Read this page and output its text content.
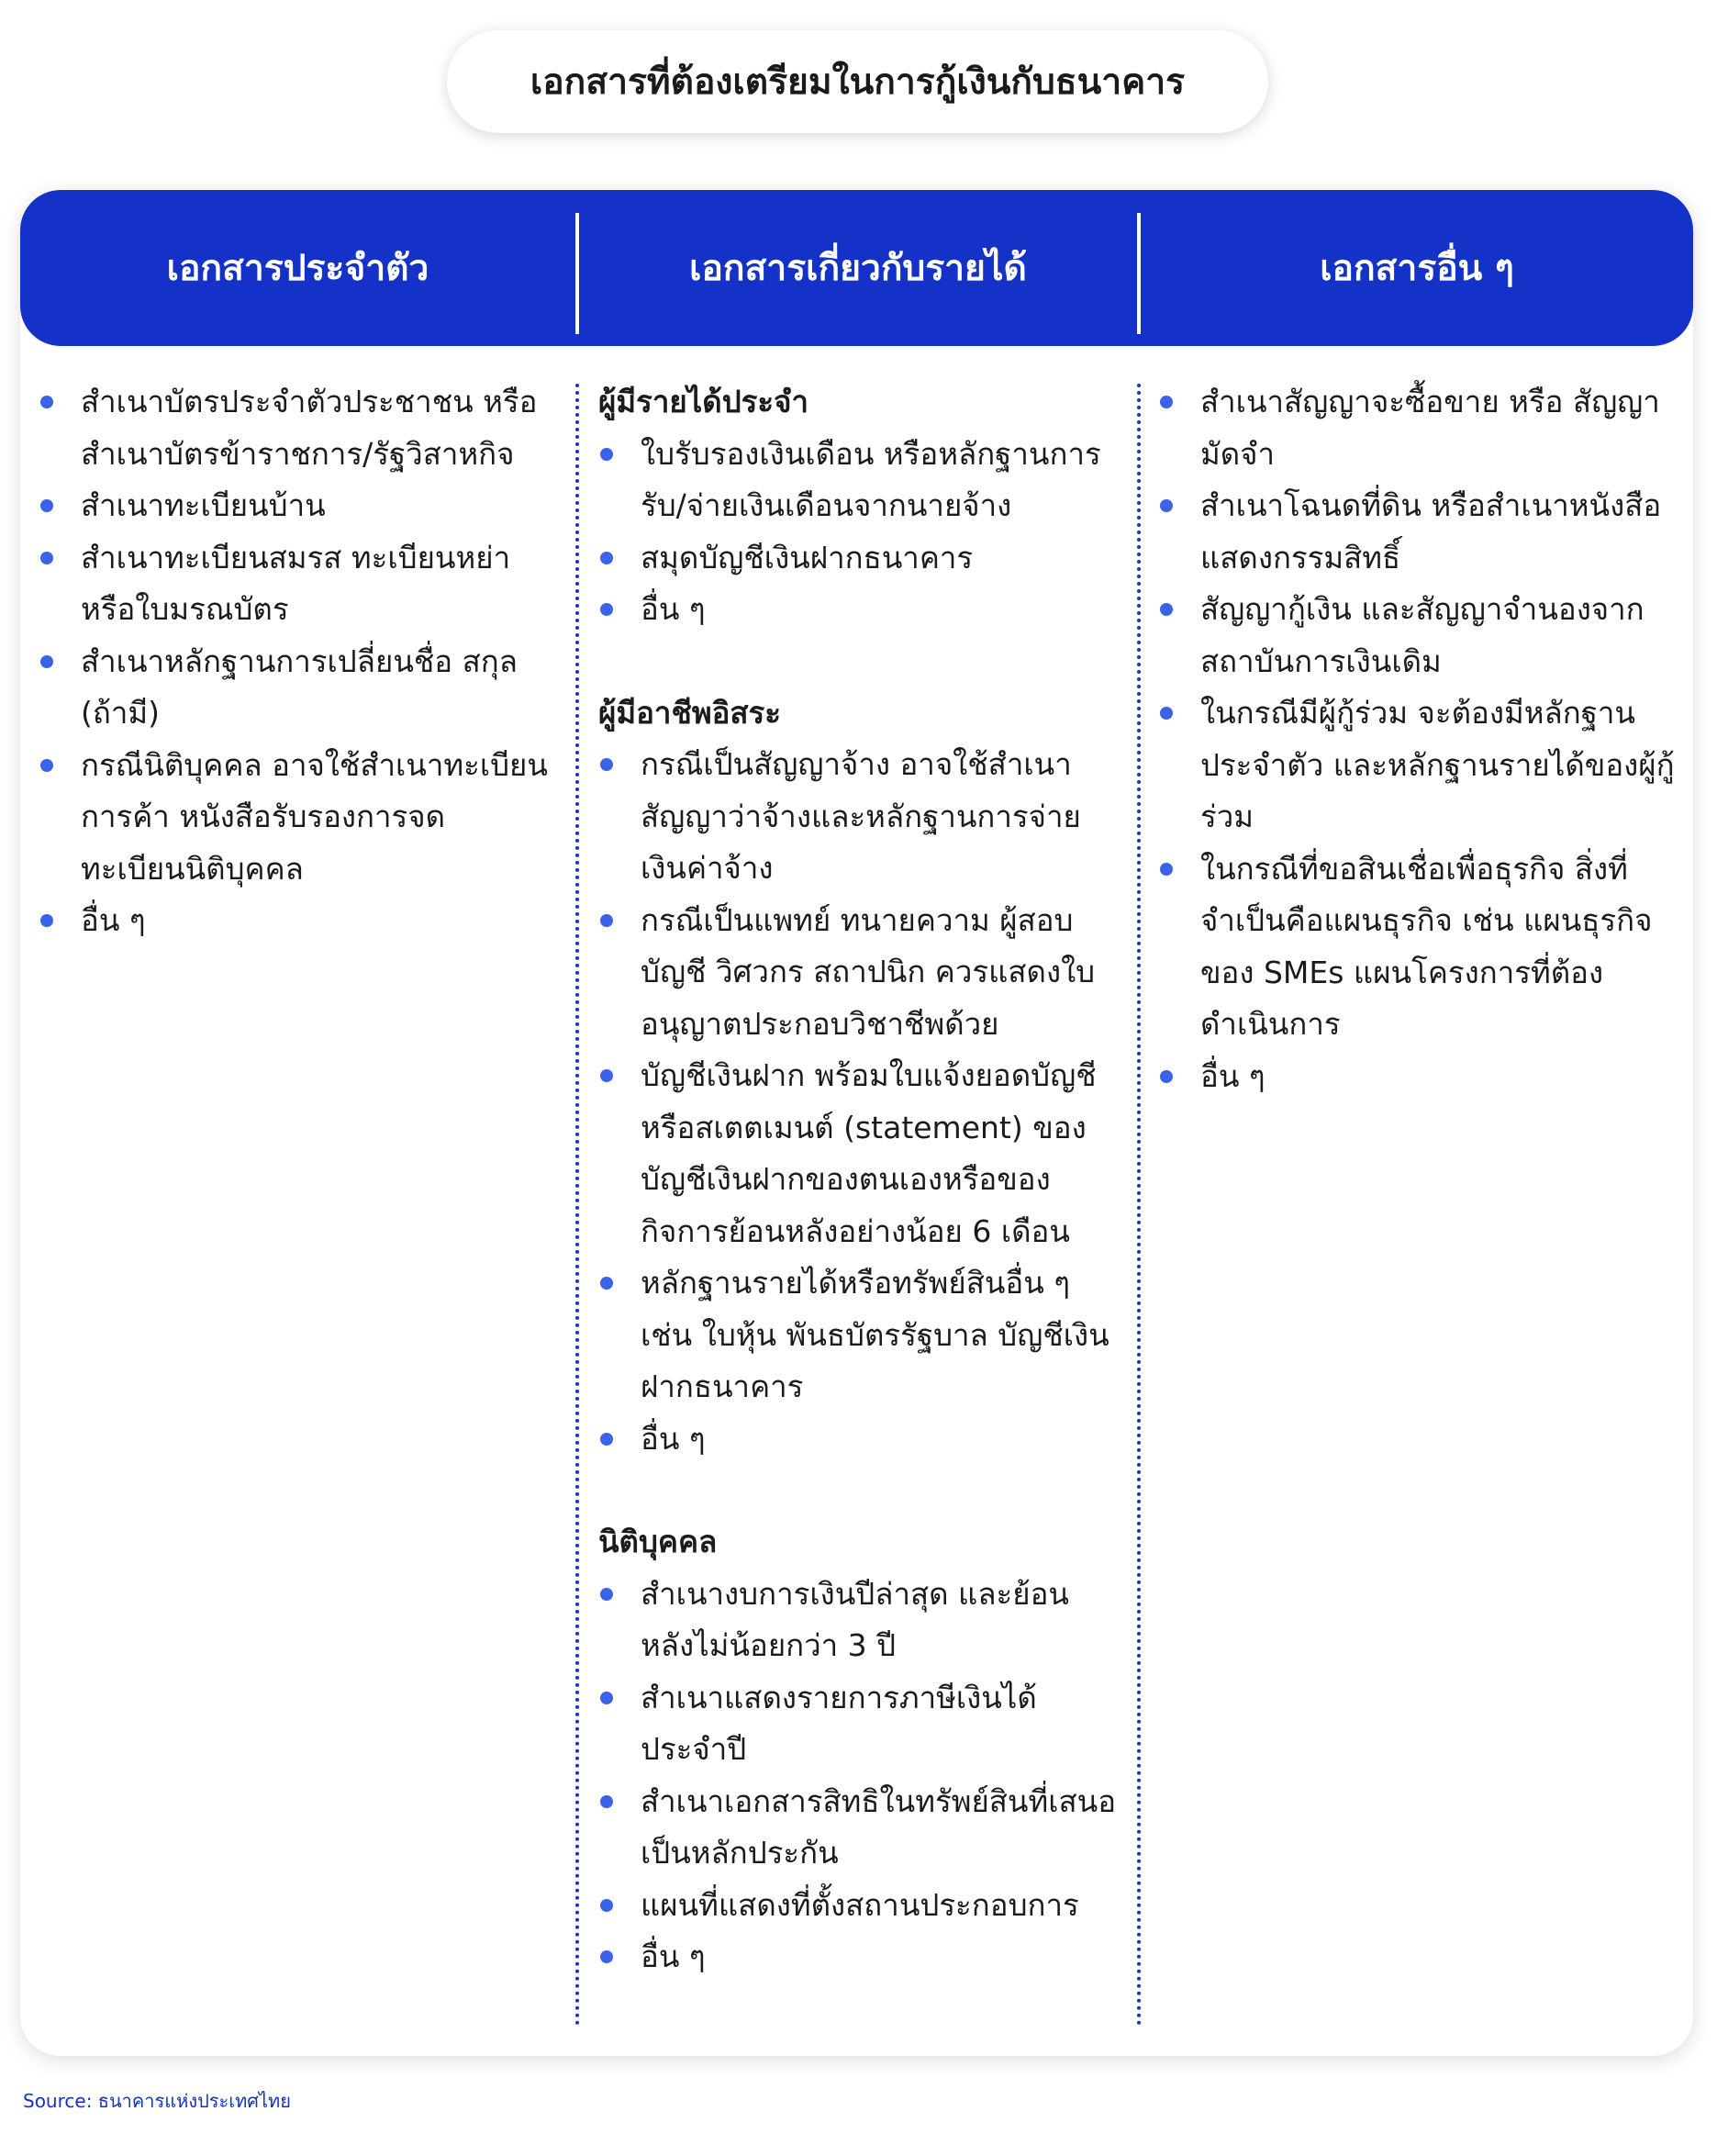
เอกสารที่ต้องเตรียมในการกู้เงินกับธนาคาร
เอกสารประจำตัว	เอกสารเกี่ยวกับรายได้	เอกสารอื่น ๆ
สำเนาบัตรประจำตัวประชาชน หรือ สำเนาบัตรข้าราชการ/รัฐวิสาหกิจ
สำเนาทะเบียนบ้าน
สำเนาทะเบียนสมรส ทะเบียนหย่า หรือใบมรณบัตร
สำเนาหลักฐานการเปลี่ยนชื่อ สกุล (ถ้ามี)
กรณีนิติบุคคล อาจใช้สำเนาทะเบียนการค้า หนังสือรับรองการจดทะเบียนนิติบุคคล
อื่น ๆ
ผู้มีรายได้ประจำ
ใบรับรองเงินเดือน หรือหลักฐานการรับ/จ่ายเงินเดือนจากนายจ้าง
สมุดบัญชีเงินฝากธนาคาร
อื่น ๆ
ผู้มีอาชีพอิสระ
กรณีเป็นสัญญาจ้าง อาจใช้สำเนาสัญญาว่าจ้างและหลักฐานการจ่ายเงินค่าจ้าง
กรณีเป็นแพทย์ ทนายความ ผู้สอบบัญชี วิศวกร สถาปนิก ควรแสดงใบอนุญาตประกอบวิชาชีพด้วย
บัญชีเงินฝาก พร้อมใบแจ้งยอดบัญชี หรือสเตตเมนต์ (statement) ของบัญชีเงินฝากของตนเองหรือของกิจการย้อนหลังอย่างน้อย 6 เดือน
หลักฐานรายได้หรือทรัพย์สินอื่น ๆ เช่น ใบหุ้น พันธบัตรรัฐบาล บัญชีเงินฝากธนาคาร
อื่น ๆ
นิติบุคคล
สำเนางบการเงินปีล่าสุด และย้อนหลังไม่น้อยกว่า 3 ปี
สำเนาแสดงรายการภาษีเงินได้ประจำปี
สำเนาเอกสารสิทธิในทรัพย์สินที่เสนอเป็นหลักประกัน
แผนที่แสดงที่ตั้งสถานประกอบการ
อื่น ๆ
สำเนาสัญญาจะซื้อขาย หรือ สัญญามัดจำ
สำเนาโฉนดที่ดิน หรือสำเนาหนังสือแสดงกรรมสิทธิ์
สัญญากู้เงิน และสัญญาจำนองจากสถาบันการเงินเดิม
ในกรณีมีผู้กู้ร่วม จะต้องมีหลักฐานประจำตัว และหลักฐานรายได้ของผู้กู้ร่วม
ในกรณีที่ขอสินเชื่อเพื่อธุรกิจ สิ่งที่จำเป็นคือแผนธุรกิจ เช่น แผนธุรกิจของ SMEs แผนโครงการที่ต้องดำเนินการ
อื่น ๆ
Source: ธนาคารแห่งประเทศไทย
